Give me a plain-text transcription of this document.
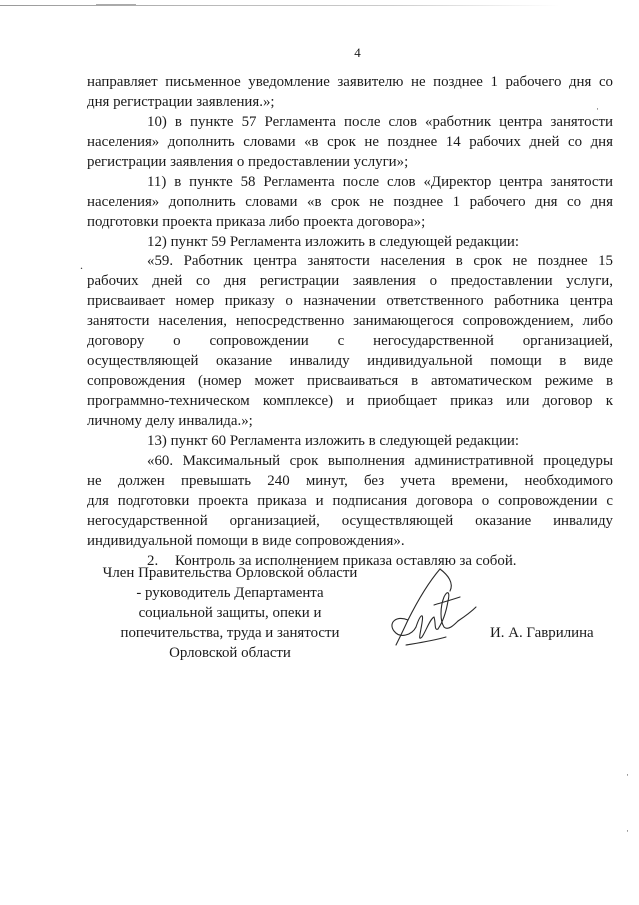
4
направляет письменное уведомление заявителю не позднее 1 рабочего дня со
дня регистрации заявления.»;
10) в пункте 57 Регламента после слов «работник центра занятости
населения» дополнить словами «в срок не позднее 14 рабочих дней со дня
регистрации заявления о предоставлении услуги»;
11) в пункте 58 Регламента после слов «Директор центра занятости
населения» дополнить словами «в срок не позднее 1 рабочего дня со дня
подготовки проекта приказа либо проекта договора»;
12) пункт 59 Регламента изложить в следующей редакции:
«59. Работник центра занятости населения в срок не позднее 15
рабочих дней со дня регистрации заявления о предоставлении услуги,
присваивает номер приказу о назначении ответственного работника центра
занятости населения, непосредственно занимающегося сопровождением, либо
договору о сопровождении с негосударственной организацией,
осуществляющей оказание инвалиду индивидуальной помощи в виде
сопровождения (номер может присваиваться в автоматическом режиме в
программно-техническом комплексе) и приобщает приказ или договор к
личному делу инвалида.»;
13) пункт 60 Регламента изложить в следующей редакции:
«60. Максимальный срок выполнения административной процедуры
не должен превышать 240 минут, без учета времени, необходимого
для подготовки проекта приказа и подписания договора о сопровождении с
негосударственной организацией, осуществляющей оказание инвалиду
индивидуальной помощи в виде сопровождения».
2. Контроль за исполнением приказа оставляю за собой.
.
Член Правительства Орловской области
- руководитель Департамента
социальной защиты, опеки и
попечительства, труда и занятости
Орловской области
И. А. Гаврилина
·
·
·
